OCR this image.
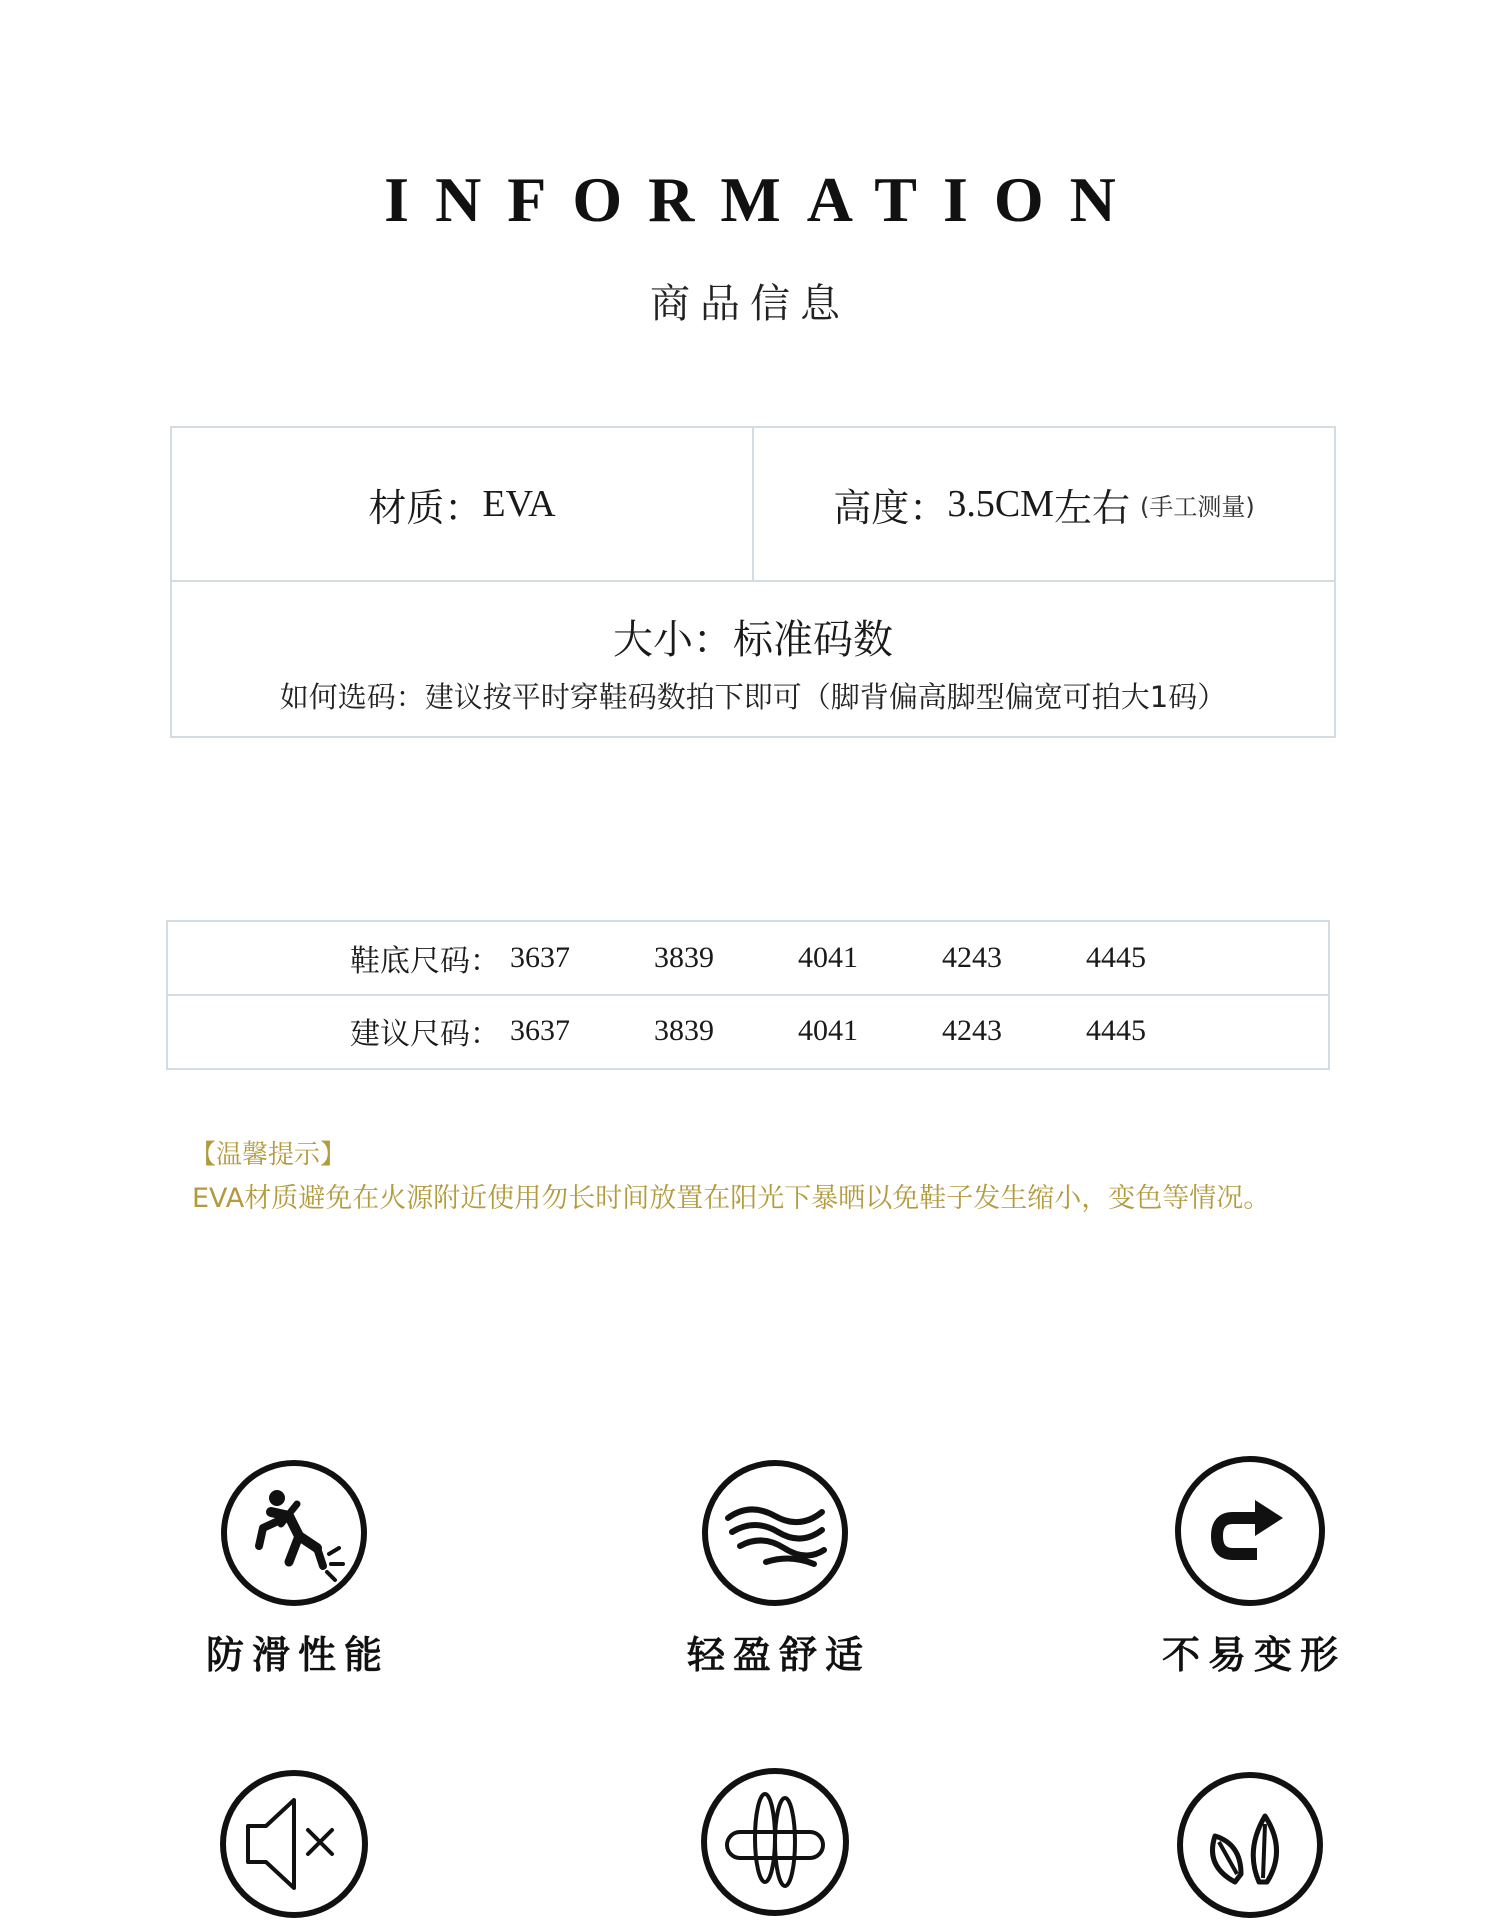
INFORMATION
商品信息
材质： EVA	高度： 3.5CM 左右 (手工测量)
大小：标准码数
如何选码：建议按平时穿鞋码数拍下即可（脚背偏高脚型偏宽可拍大1码）
鞋底尺码： 3637	3839	4041	4243	4445
建议尺码： 3637	3839	4041	4243	4445
【温馨提示】
EVA材质避免在火源附近使用勿长时间放置在阳光下暴晒以免鞋子发生缩小，变色等情况。
防滑性能	轻盈舒适	不易变形
